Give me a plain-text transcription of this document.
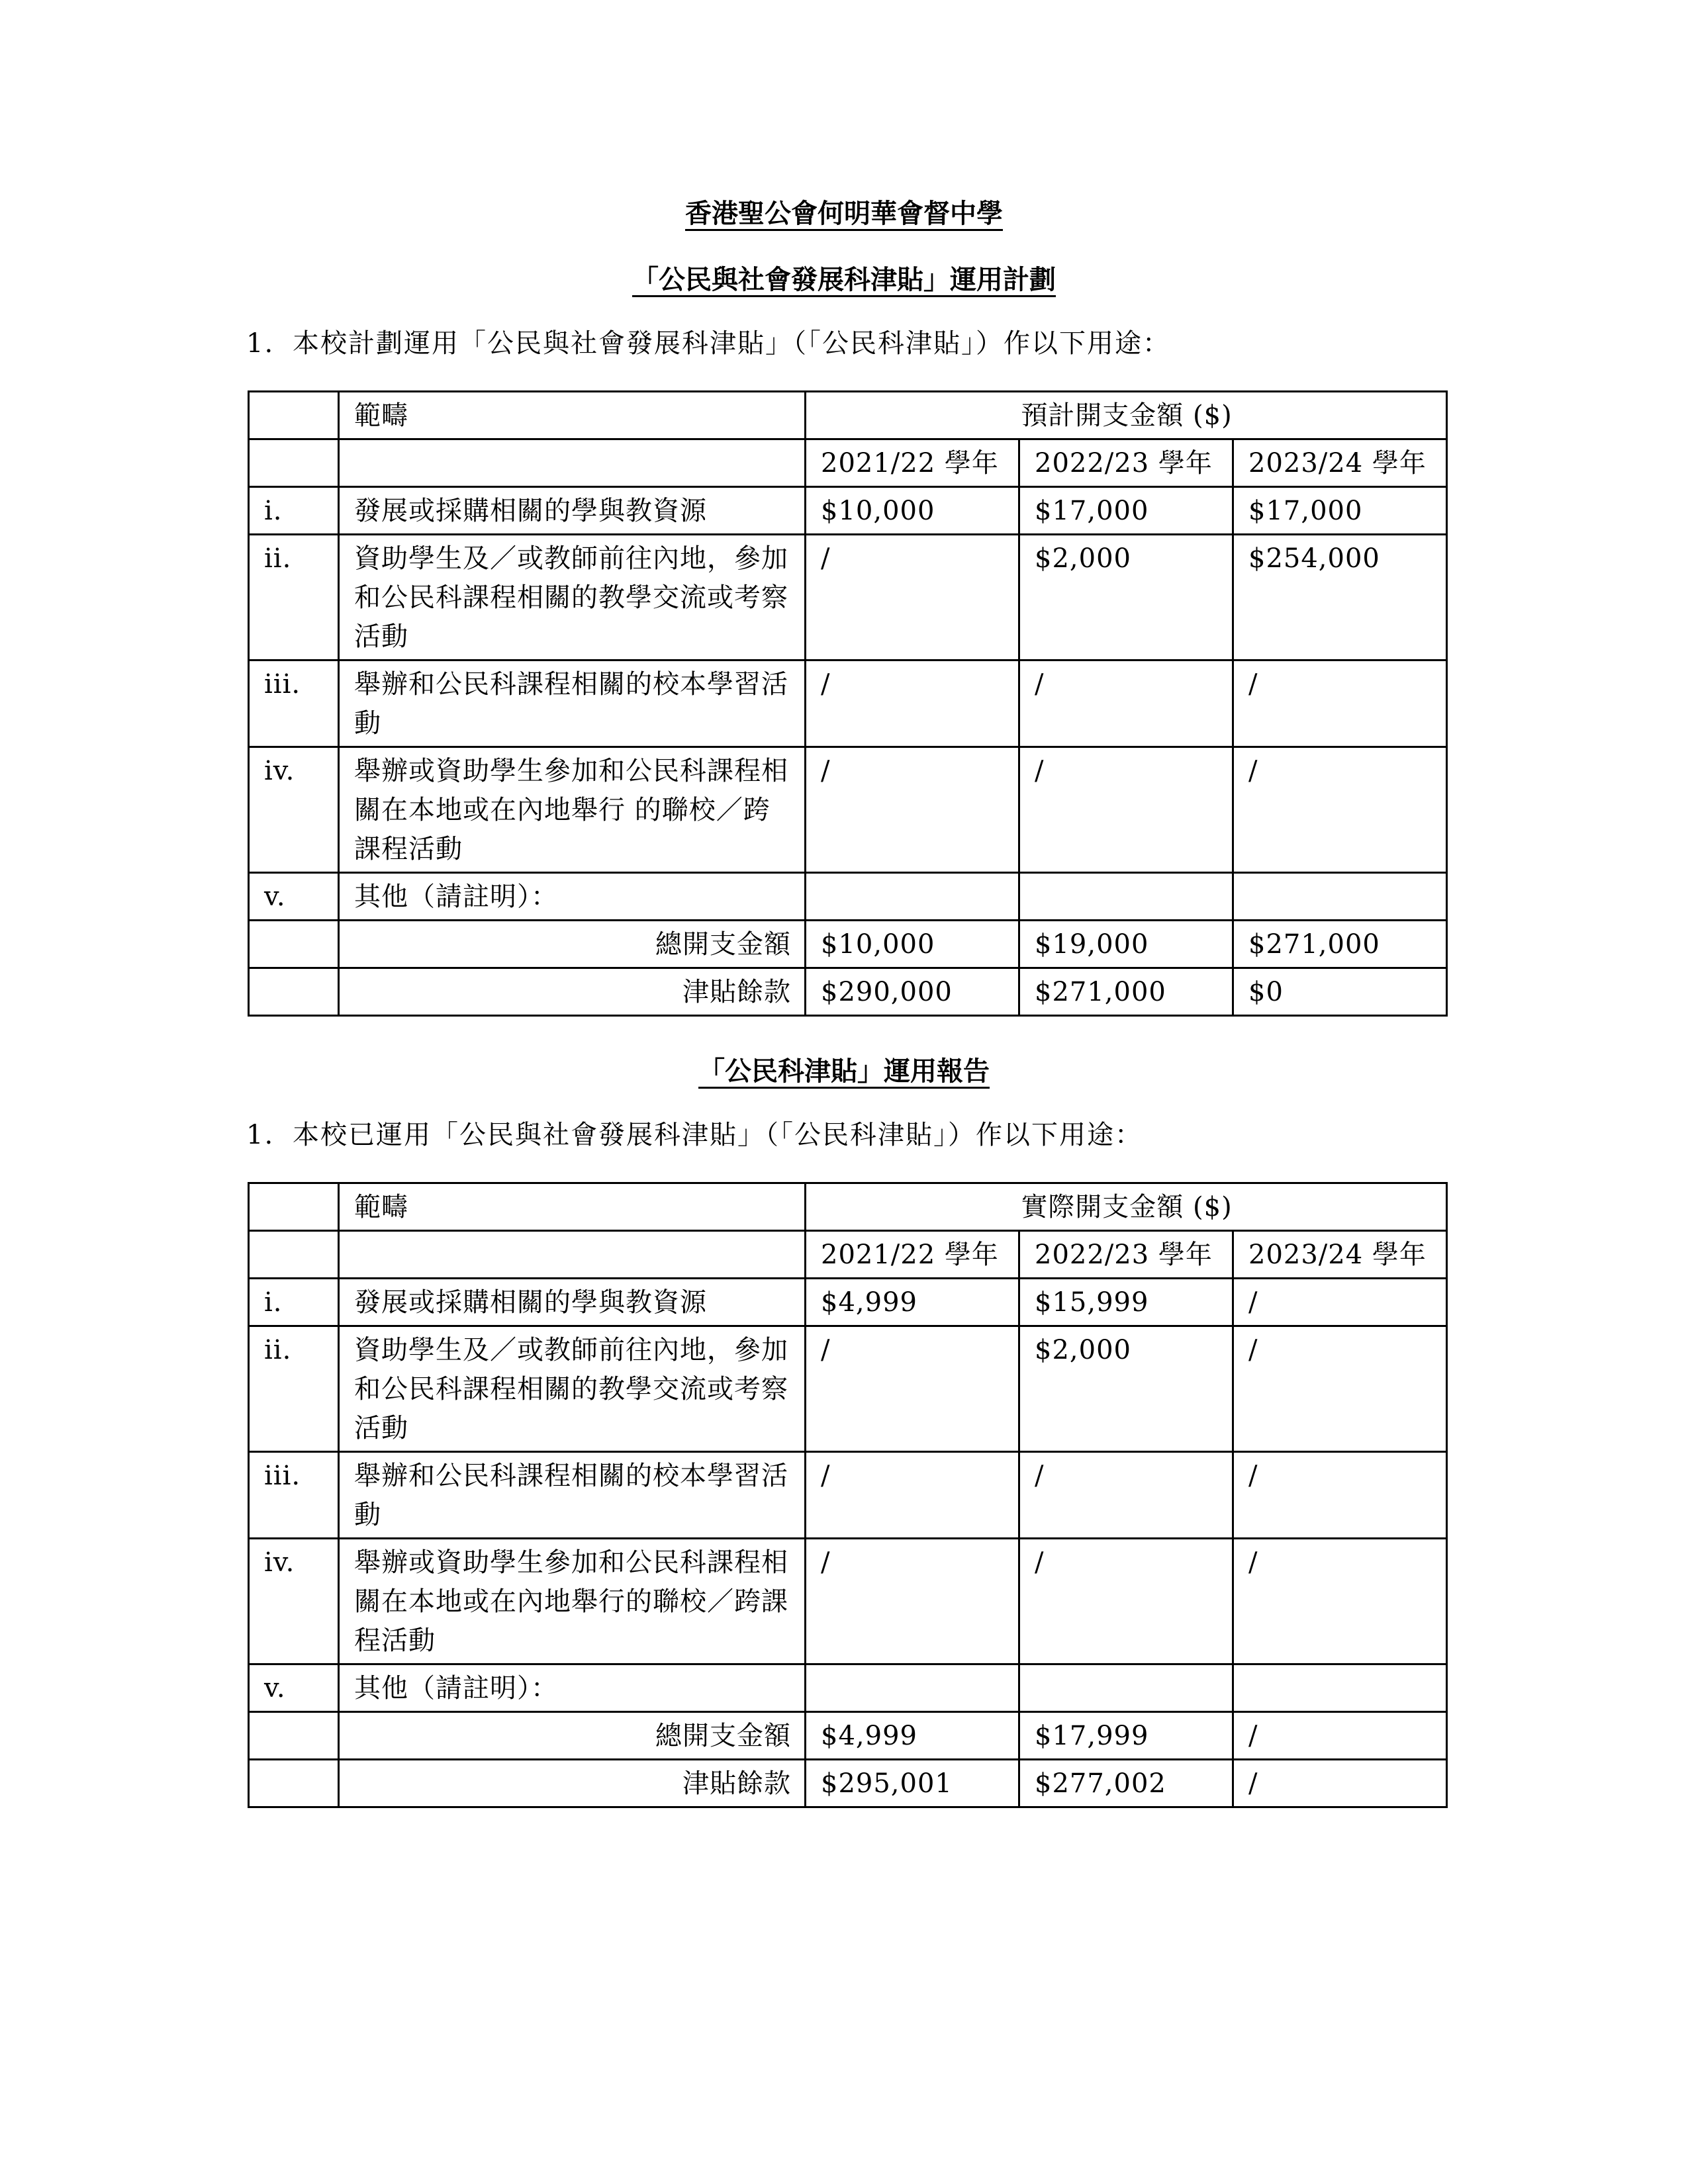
香港聖公會何明華會督中學
「公民與社會發展科津貼」運用計劃
1. 本校計劃運用「公民與社會發展科津貼」（「公民科津貼」）作以下用途：
	範疇	預計開支金額 ($)		
		2021/22 學年	2022/23 學年	2023/24 學年
i.	發展或採購相關的學與教資源	$10,000	$17,000	$17,000
ii.	資助學生及／或教師前往內地，參加和公民科課程相關的教學交流或考察活動	/	$2,000	$254,000
iii.	舉辦和公民科課程相關的校本學習活動	/	/	/
iv.	舉辦或資助學生參加和公民科課程相關在本地或在內地舉行 的聯校／跨課程活動	/	/	/
v.	其他（請註明）：			
	總開支金額	$10,000	$19,000	$271,000
	津貼餘款	$290,000	$271,000	$0
「公民科津貼」運用報告
1. 本校已運用「公民與社會發展科津貼」（「公民科津貼」）作以下用途：
	範疇	實際開支金額 ($)		
		2021/22 學年	2022/23 學年	2023/24 學年
i.	發展或採購相關的學與教資源	$4,999	$15,999	/
ii.	資助學生及／或教師前往內地，參加和公民科課程相關的教學交流或考察活動	/	$2,000	/
iii.	舉辦和公民科課程相關的校本學習活動	/	/	/
iv.	舉辦或資助學生參加和公民科課程相關在本地或在內地舉行的聯校／跨課程活動	/	/	/
v.	其他（請註明）：			
	總開支金額	$4,999	$17,999	/
	津貼餘款	$295,001	$277,002	/
